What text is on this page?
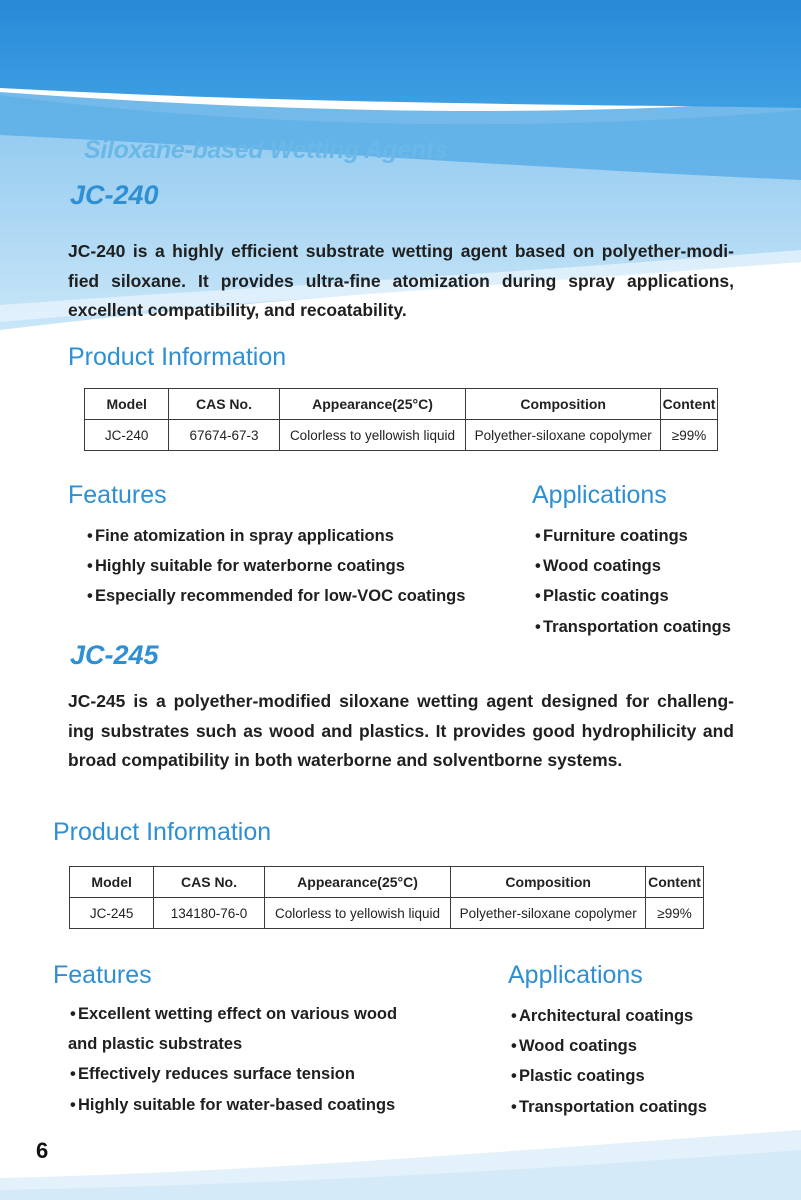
Siloxane-based Wetting Agents
JC-240
JC-240 is a highly efficient substrate wetting agent based on polyether-modi-
fied siloxane. It provides ultra-fine atomization during spray applications,
excellent compatibility, and recoatability.
Product Information
Model	CAS No.	Appearance(25°C)	Composition	Content
JC-240	67674-67-3	Colorless to yellowish liquid	Polyether-siloxane copolymer	≥99%
Features
• Fine atomization in spray applications
• Highly suitable for waterborne coatings
• Especially recommended for low-VOC coatings
Applications
• Furniture coatings
• Wood coatings
• Plastic coatings
• Transportation coatings
JC-245
JC-245 is a polyether-modified siloxane wetting agent designed for challeng-
ing substrates such as wood and plastics. It provides good hydrophilicity and
broad compatibility in both waterborne and solventborne systems.
Product Information
Model	CAS No.	Appearance(25°C)	Composition	Content
JC-245	134180-76-0	Colorless to yellowish liquid	Polyether-siloxane copolymer	≥99%
Features
• Excellent wetting effect on various wood
and plastic substrates
• Effectively reduces surface tension
• Highly suitable for water-based coatings
Applications
• Architectural coatings
• Wood coatings
• Plastic coatings
• Transportation coatings
6
